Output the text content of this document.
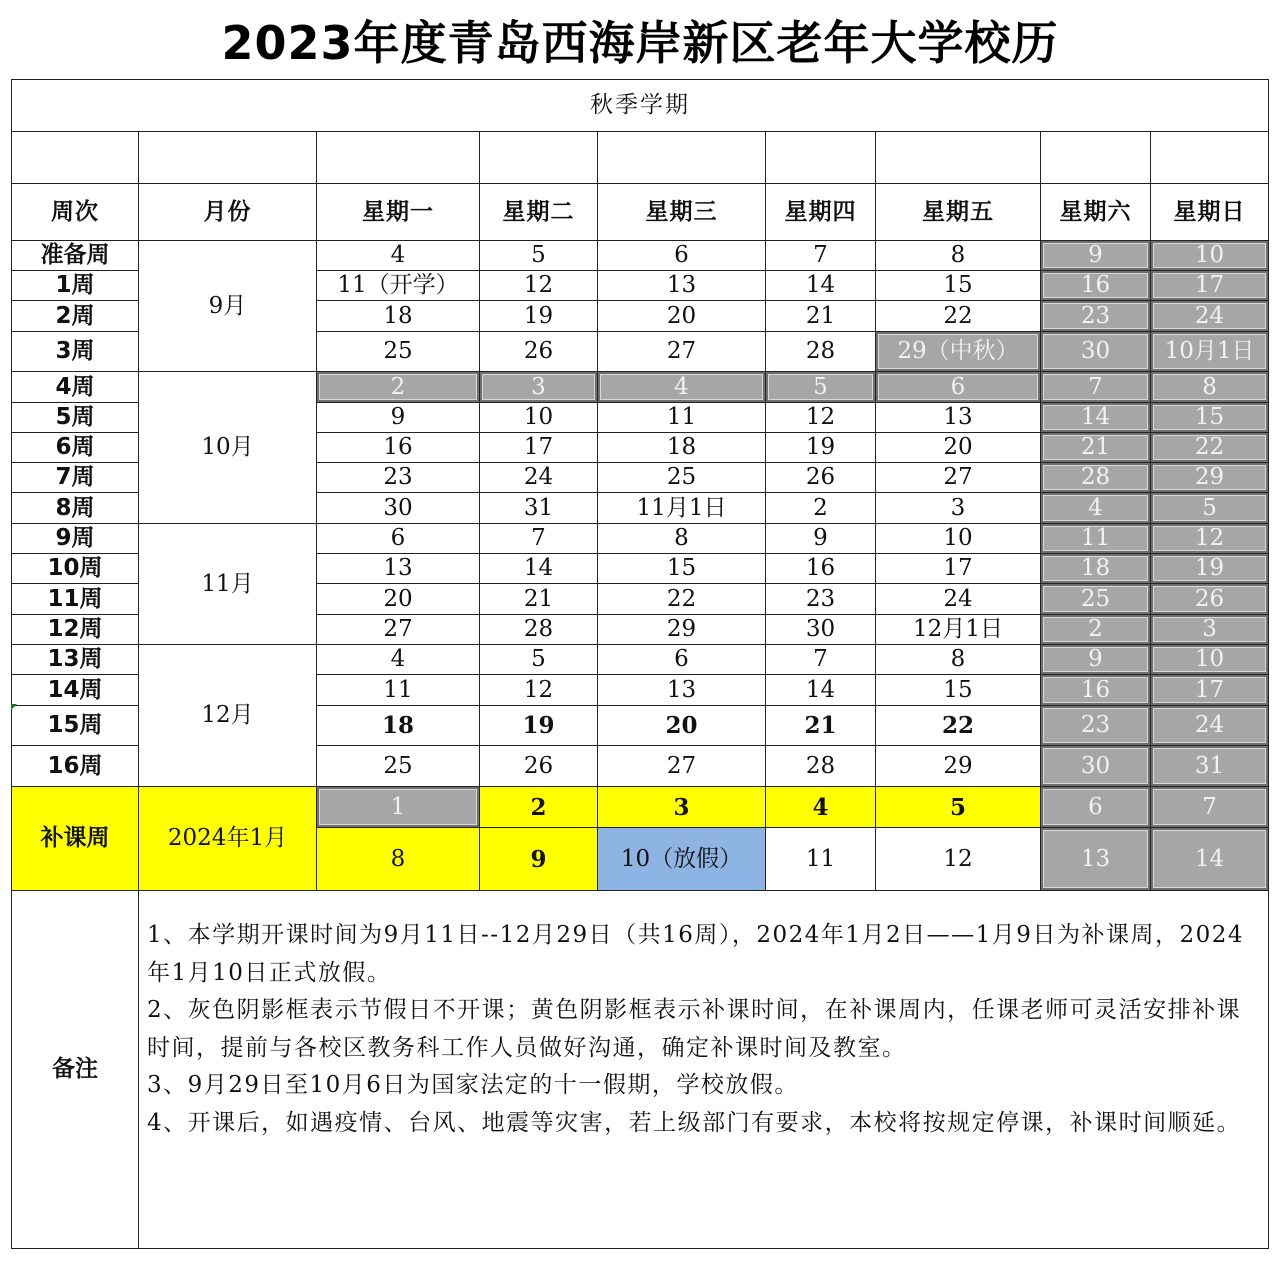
2023年度青岛西海岸新区老年大学校历
秋季学期								

周次	月份	星期一	星期二	星期三	星期四	星期五	星期六	星期日
准备周	9月	4	5	6	7	8	9	10
1周		11（开学）	12	13	14	15	16	17
2周		18	19	20	21	22	23	24
3周		25	26	27	28	29（中秋）	30	10月1日
4周	10月	2	3	4	5	6	7	8
5周		9	10	11	12	13	14	15
6周		16	17	18	19	20	21	22
7周		23	24	25	26	27	28	29
8周		30	31	11月1日	2	3	4	5
9周	11月	6	7	8	9	10	11	12
10周		13	14	15	16	17	18	19
11周		20	21	22	23	24	25	26
12周		27	28	29	30	12月1日	2	3
13周	12月	4	5	6	7	8	9	10
14周		11	12	13	14	15	16	17
15周		18	19	20	21	22	23	24
16周		25	26	27	28	29	30	31
补课周	2024年1月	1	2	3	4	5	6	7
		8	9	10（放假）	11	12	13	14
备注	1、本学期开课时间为9月11日--12月29日（共16周），2024年1月2日——1月9日为补课周，2024年1月10日正式放假。

2、灰色阴影框表示节假日不开课；黄色阴影框表示补课时间，在补课周内，任课老师可灵活安排补课时间，提前与各校区教务科工作人员做好沟通，确定补课时间及教室。

3、9月29日至10月6日为国家法定的十一假期，学校放假。

4、开课后，如遇疫情、台风、地震等灾害，若上级部门有要求，本校将按规定停课，补课时间顺延。							
